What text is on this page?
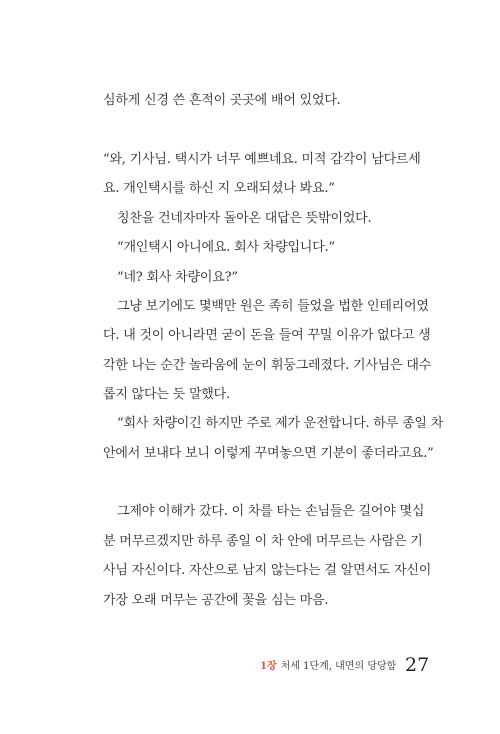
심하게 신경 쓴 흔적이 곳곳에 배어 있었다.
“와, 기사님. 택시가 너무 예쁘네요. 미적 감각이 남다르세
요. 개인택시를 하신 지 오래되셨나 봐요.”
칭찬을 건네자마자 돌아온 대답은 뜻밖이었다.
“개인택시 아니에요. 회사 차량입니다.”
“네? 회사 차량이요?”
그냥 보기에도 몇백만 원은 족히 들었을 법한 인테리어였
다. 내 것이 아니라면 굳이 돈을 들여 꾸밀 이유가 없다고 생
각한 나는 순간 놀라움에 눈이 휘둥그레졌다. 기사님은 대수
롭지 않다는 듯 말했다.
“회사 차량이긴 하지만 주로 제가 운전합니다. 하루 종일 차
안에서 보내다 보니 이렇게 꾸며놓으면 기분이 좋더라고요.”
그제야 이해가 갔다. 이 차를 타는 손님들은 길어야 몇십
분 머무르겠지만 하루 종일 이 차 안에 머무르는 사람은 기
사님 자신이다. 자산으로 남지 않는다는 걸 알면서도 자신이
가장 오래 머무는 공간에 꽃을 심는 마음.
1장 처세 1단계, 내면의 당당함 27
